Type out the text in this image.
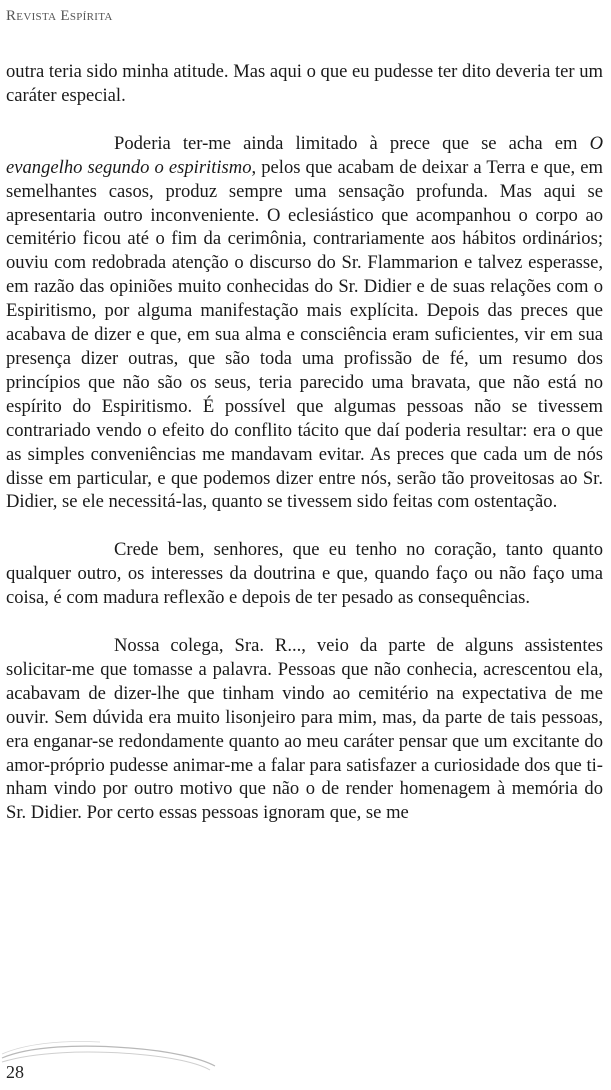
Revista Espírita

outra teria sido minha atitude. Mas aqui o que eu pudesse ter dito deveria ter um caráter especial.

Poderia ter-me ainda limitado à prece que se acha em O evangelho segundo o espiritismo, pelos que acabam de deixar a Terra e que, em semelhantes casos, produz sempre uma sensação profunda. Mas aqui se apresentaria outro inconveniente. O eclesiástico que acompanhou o corpo ao cemitério ficou até o fim da cerimônia, contrariamente aos hábitos ordinários; ouviu com redobrada atenção o discurso do Sr. Flammarion e talvez esperasse, em razão das opiniões muito conhecidas do Sr. Didier e de suas relações com o Espiritismo, por alguma manifestação mais explícita. Depois das preces que acabava de dizer e que, em sua alma e consciência eram suficientes, vir em sua presença dizer outras, que são toda uma profissão de fé, um resumo dos princípios que não são os seus, teria parecido uma bravata, que não está no espírito do Espiritismo. É possível que algumas pessoas não se tivessem contrariado vendo o efeito do conflito tácito que daí poderia resultar: era o que as simples conveniências me mandavam evitar. As preces que cada um de nós disse em particular, e que podemos dizer entre nós, serão tão proveitosas ao Sr. Didier, se ele necessitá-las, quanto se tivessem sido feitas com ostentação.

Crede bem, senhores, que eu tenho no coração, tanto quanto qualquer outro, os interesses da doutrina e que, quando faço ou não faço uma coisa, é com madura reflexão e depois de ter pesado as consequências.

Nossa colega, Sra. R..., veio da parte de alguns assistentes solicitar-me que tomasse a palavra. Pessoas que não conhecia, acrescentou ela, acabavam de dizer-lhe que tinham vindo ao cemitério na expectativa de me ouvir. Sem dúvida era muito lisonjeiro para mim, mas, da parte de tais pessoas, era enganar-se redondamente quanto ao meu caráter pensar que um excitante do amor-próprio pudesse animar-me a falar para satisfazer a curiosidade dos que tinham vindo por outro motivo que não o de render homenagem à memória do Sr. Didier. Por certo essas pessoas ignoram que, se me

28
